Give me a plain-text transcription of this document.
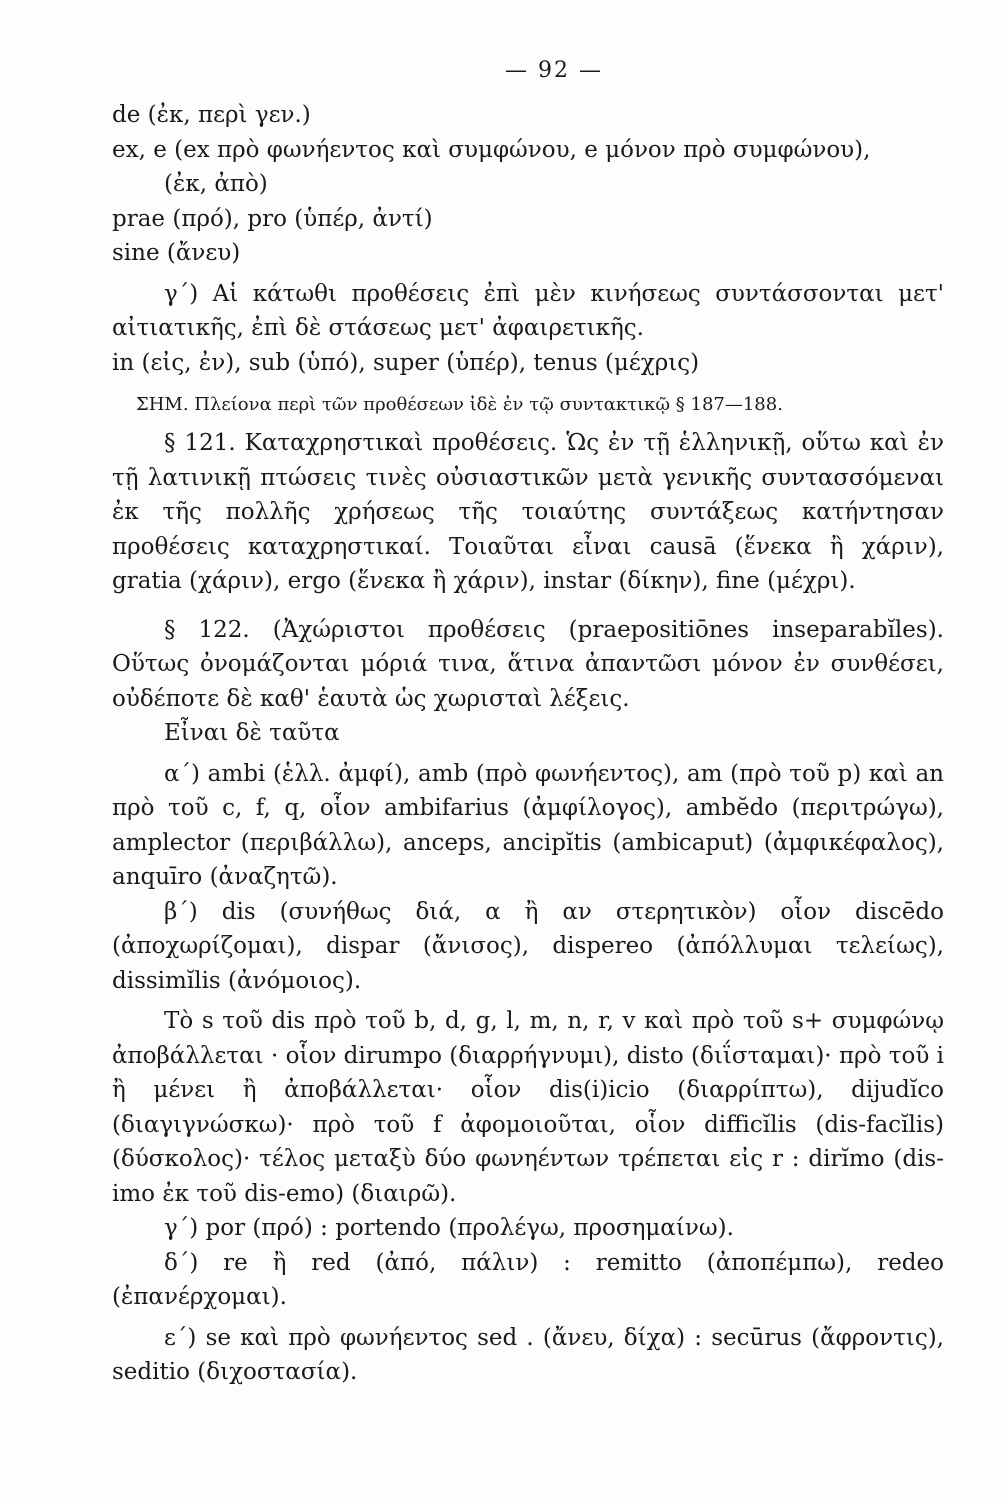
— 92 —

de (ἐκ, περὶ γεν.)

ex, e (ex πρὸ φωνήεντος καὶ συμφώνου, e μόνον πρὸ συμφώνου),

(ἐκ, ἀπὸ)

prae (πρό), pro (ὑπέρ, ἀντί)

sine (ἄνευ)

γ΄) Αἱ κάτωθι προθέσεις ἐπὶ μὲν κινήσεως συντάσσονται μετ' αἰτιατικῆς, ἐπὶ δὲ στάσεως μετ' ἀφαιρετικῆς.

in (εἰς, ἐν), sub (ὑπό), super (ὑπέρ), tenus (μέχρις)

ΣΗΜ. Πλείονα περὶ τῶν προθέσεων ἰδὲ ἐν τῷ συντακτικῷ § 187—188.

§ 121. Καταχρηστικαὶ προθέσεις. Ὡς ἐν τῇ ἑλληνικῇ, οὕτω καὶ ἐν τῇ λατινικῇ πτώσεις τινὲς οὐσιαστικῶν μετὰ γενικῆς συντασσόμεναι ἐκ τῆς πολλῆς χρήσεως τῆς τοιαύτης συντάξεως κατήντησαν προθέσεις καταχρηστικαί. Τοιαῦται εἶναι causā (ἕνεκα ἢ χάριν), gratia (χάριν), ergo (ἕνεκα ἢ χάριν), instar (δίκην), fine (μέχρι).

§ 122. (Ἀχώριστοι προθέσεις (praepositiōnes inseparabĭles). Οὕτως ὀνομάζονται μόριά τινα, ἅτινα ἀπαντῶσι μόνον ἐν συνθέσει, οὐδέποτε δὲ καθ' ἑαυτὰ ὡς χωρισταὶ λέξεις.

Εἶναι δὲ ταῦτα

α΄) ambi (ἑλλ. ἀμφί), amb (πρὸ φωνήεντος), am (πρὸ τοῦ p) καὶ an πρὸ τοῦ c, f, q, οἷον ambifarius (ἀμφίλογος), ambĕdo (περιτρώγω), amplector (περιβάλλω), anceps, ancipĭtis (ambicaput) (ἀμφικέφαλος), anquīro (ἀναζητῶ).

β΄) dis (συνήθως διά, α ἢ αν στερητικὸν) οἷον discēdo (ἀποχωρίζομαι), dispar (ἄνισος), dispereo (ἀπόλλυμαι τελείως), dissimĭlis (ἀνόμοιος).

Τὸ s τοῦ dis πρὸ τοῦ b, d, g, l, m, n, r, v καὶ πρὸ τοῦ s+ συμφώνῳ ἀποβάλλεται · οἷον dirumpo (διαρρήγνυμι), disto (διΐσταμαι)· πρὸ τοῦ i ἢ μένει ἢ ἀποβάλλεται· οἷον dis(i)icio (διαρρίπτω), dijudĭco (διαγιγνώσκω)· πρὸ τοῦ f ἀφομοιοῦται, οἷον difficĭlis (dis-facĭlis) (δύσκολος)· τέλος μεταξὺ δύο φωνηέντων τρέπεται εἰς r : dirĭmo (dis-imo ἐκ τοῦ dis-emo) (διαιρῶ).

γ΄) por (πρό) : portendo (προλέγω, προσημαίνω).

δ΄) re ἢ red (ἀπό, πάλιν) : remitto (ἀποπέμπω), redeo (ἐπανέρχομαι).

ε΄) se καὶ πρὸ φωνήεντος sed . (ἄνευ, δίχα) : secūrus (ἄφροντις), seditio (διχοστασία).
